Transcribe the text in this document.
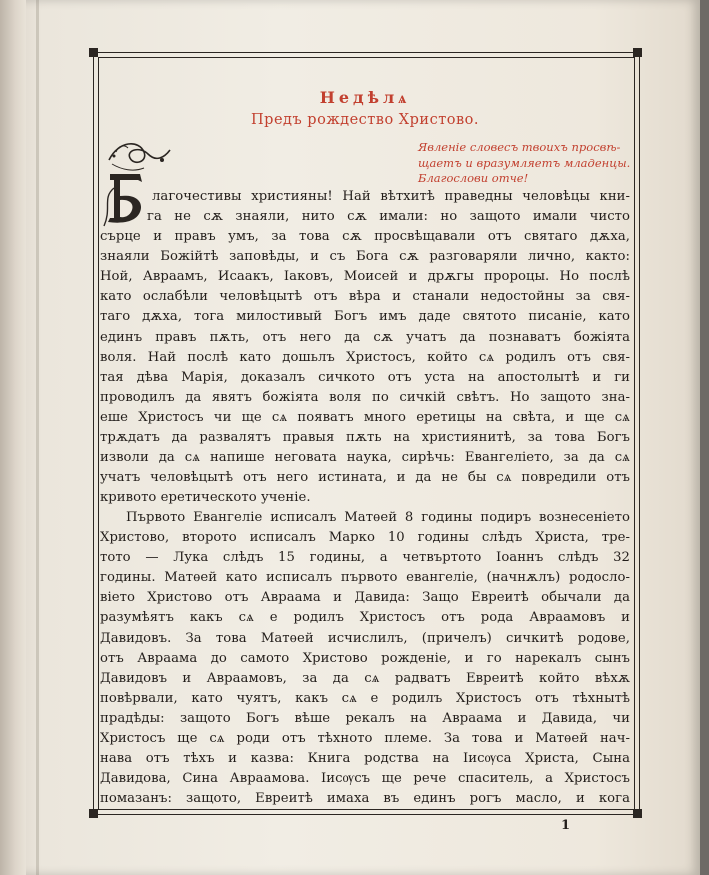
Недѣлѧ
Предъ рождество Христово.
Явленіе словесъ твоихъ просвѣ-
щаетъ и вразумляетъ младенцы.
Благослови отче!

лагочестивы християны! Най вѣтхитѣ праведны человѣцы кни-

га не сѫ знаяли, нито сѫ имали: но защото имали чисто

сърце и правъ умъ, за това сѫ просвѣщавали отъ святаго дѫха,

знаяли Божійтѣ заповѣды, и съ Бога сѫ разговаряли лично, както:

Ной, Авраамъ, Исаакъ, Іаковъ, Моисей и дрѫгы пророцы. Но послѣ

като ослабѣли человѣцытѣ отъ вѣра и станали недостойны за свя-

таго дѫха, тога милостивый Богъ имъ даде святото писаніе, като

единъ правъ пѫть, отъ него да сѫ учатъ да познаватъ божіята

воля. Най послѣ като дошьлъ Христосъ, който сѧ родилъ отъ свя-

тая дѣва Марія, доказалъ сичкото отъ уста на апостолытѣ и ги

проводилъ да явятъ божіята воля по сичкій свѣтъ. Но защото зна-

еше Христосъ чи ще сѧ появатъ много еретицы на свѣта, и ще сѧ

трѫдатъ да развалятъ правыя пѫть на християнитѣ, за това Богъ

изволи да сѧ напише неговата наука, сирѣчь: Евангеліето, за да сѧ

учатъ человѣцытѣ отъ него истината, и да не бы сѧ повредили отъ

кривото еретическото ученіе.

Първото Евангеліе исписалъ Матѳей 8 годины подиръ вознесеніето

Христово, второто исписалъ Марко 10 годины слѣдъ Христа, тре-

тото — Лука слѣдъ 15 годины, а четвъртото Іоаннъ слѣдъ 32

годины. Матѳей като исписалъ първото евангеліе, (начнѫлъ) родосло-

віето Христово отъ Авраама и Давида: Защо Евреитѣ обычали да

разумѣятъ какъ сѧ е родилъ Христосъ отъ рода Авраамовъ и

Давидовъ. За това Матѳей исчислилъ, (причелъ) сичкитѣ родове,

отъ Авраама до самото Христово рожденіе, и го нарекалъ сынъ

Давидовъ и Авраамовъ, за да сѧ радватъ Евреитѣ който вѣхѫ

повѣрвали, като чуятъ, какъ сѧ е родилъ Христосъ отъ тѣхнытѣ

прадѣды: защото Богъ вѣше рекалъ на Авраама и Давида, чи

Христосъ ще сѧ роди отъ тѣхното племе. За това и Матѳей нач-

нава отъ тѣхъ и казва: Книга родства на Іисѹса Христа, Сына

Давидова, Сина Авраамова. Іисѹсъ ще рече спаситель, а Христосъ

помазанъ: защото, Евреитѣ имаха въ единъ рогъ масло, и кога

1
